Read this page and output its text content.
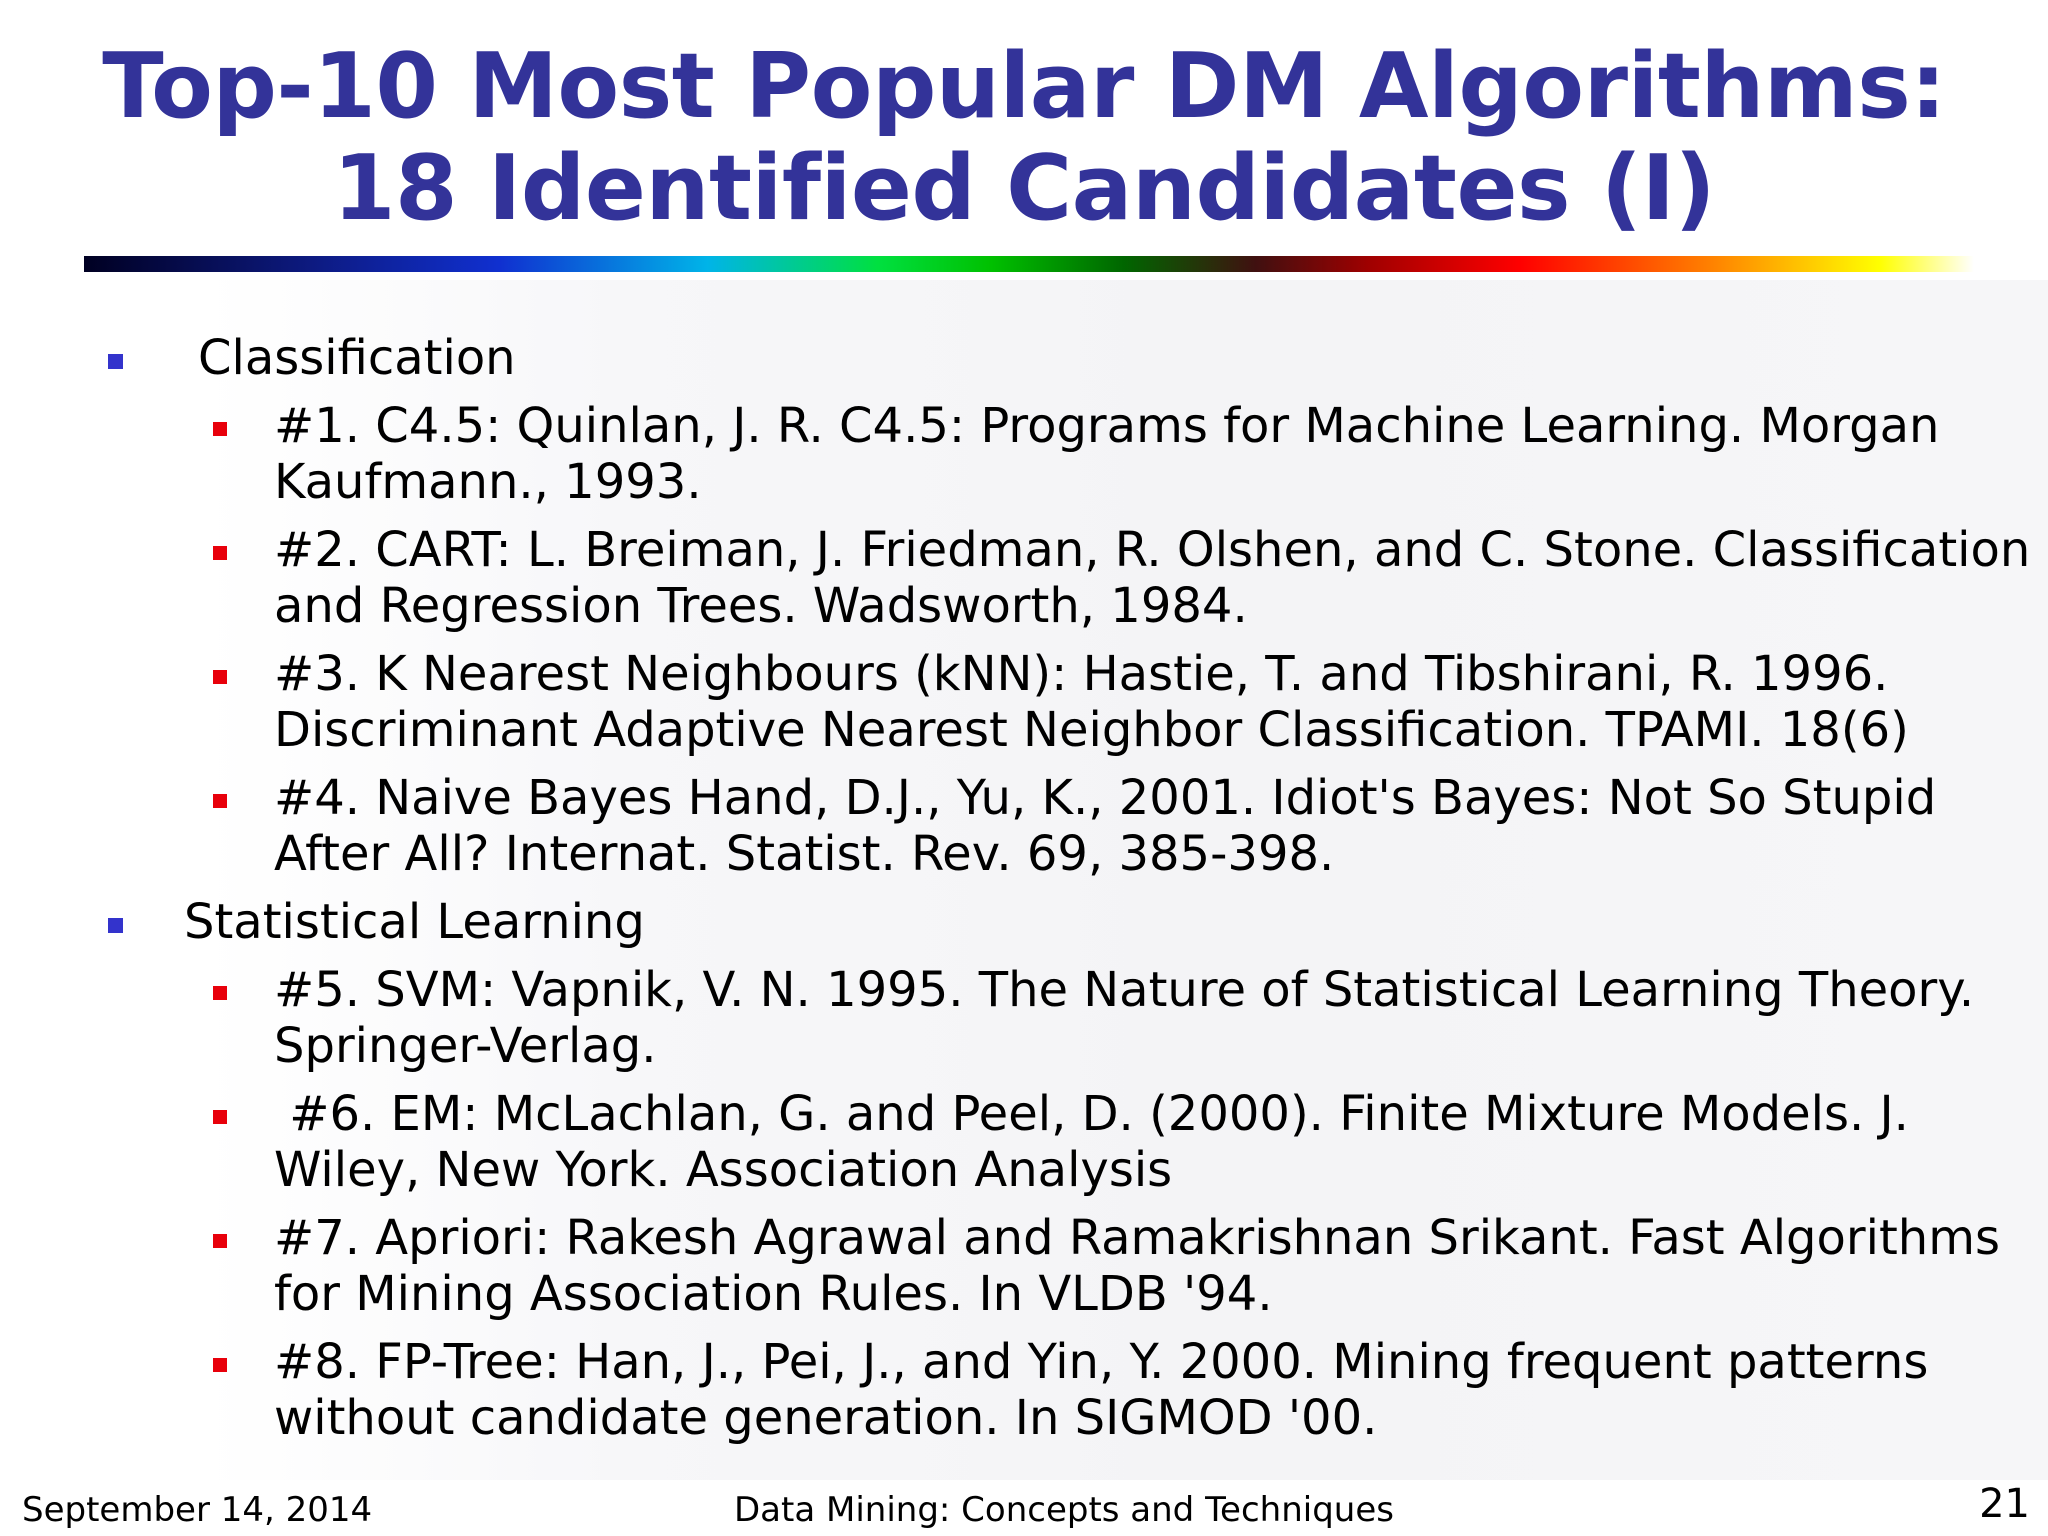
Top-10 Most Popular DM Algorithms:
18 Identified Candidates (I)
Classification
#1. C4.5: Quinlan, J. R. C4.5: Programs for Machine Learning. Morgan
Kaufmann., 1993.
#2. CART: L. Breiman, J. Friedman, R. Olshen, and C. Stone. Classification
and Regression Trees. Wadsworth, 1984.
#3. K Nearest Neighbours (kNN): Hastie, T. and Tibshirani, R. 1996.
Discriminant Adaptive Nearest Neighbor Classification. TPAMI. 18(6)
#4. Naive Bayes Hand, D.J., Yu, K., 2001. Idiot's Bayes: Not So Stupid
After All? Internat. Statist. Rev. 69, 385-398.
Statistical Learning
#5. SVM: Vapnik, V. N. 1995. The Nature of Statistical Learning Theory.
Springer-Verlag.
#6. EM: McLachlan, G. and Peel, D. (2000). Finite Mixture Models. J.
Wiley, New York. Association Analysis
#7. Apriori: Rakesh Agrawal and Ramakrishnan Srikant. Fast Algorithms
for Mining Association Rules. In VLDB '94.
#8. FP-Tree: Han, J., Pei, J., and Yin, Y. 2000. Mining frequent patterns
without candidate generation. In SIGMOD '00.
September 14, 2014	Data Mining: Concepts and Techniques	21
